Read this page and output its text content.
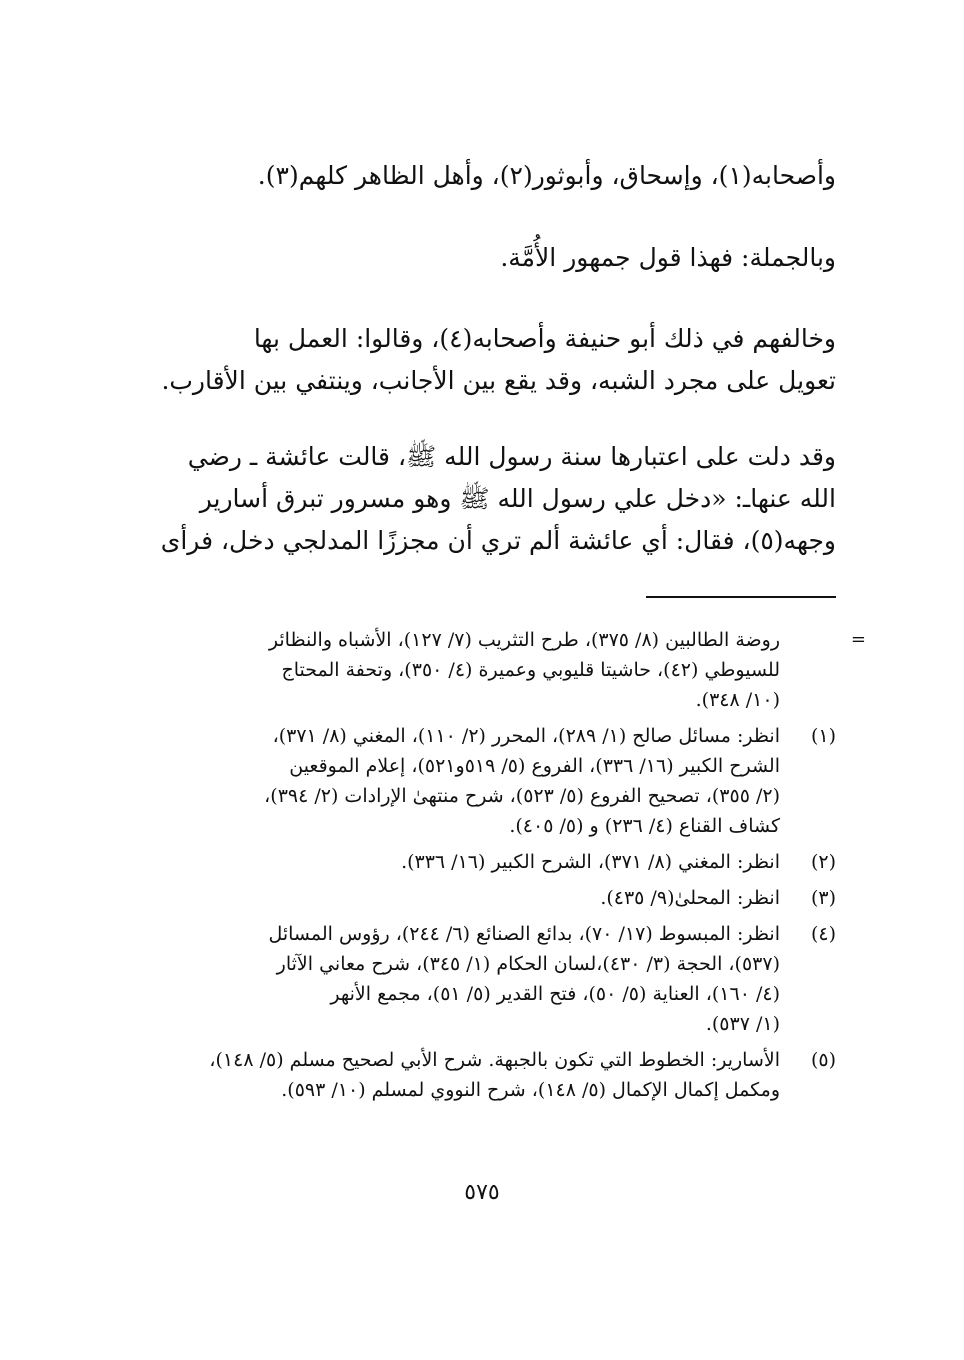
وأصحابه(١)، وإسحاق، وأبوثور(٢)، وأهل الظاهر كلهم(٣).

وبالجملة: فهذا قول جمهور الأُمَّة.

وخالفهم في ذلك أبو حنيفة وأصحابه(٤)، وقالوا: العمل بها
تعويل على مجرد الشبه، وقد يقع بين الأجانب، وينتفي بين الأقارب.

وقد دلت على اعتبارها سنة رسول الله ﷺ، قالت عائشة ـ رضي
الله عنهاـ: «دخل علي رسول الله ﷺ وهو مسرور تبرق أسارير
وجهه(٥)، فقال: أي عائشة ألم تري أن مجززًا المدلجي دخل، فرأى

=
روضة الطالبين (٨/ ٣٧٥)، طرح التثريب (٧/ ١٢٧)، الأشباه والنظائر
للسيوطي (٤٢)، حاشيتا قليوبي وعميرة (٤/ ٣٥٠)، وتحفة المحتاج
(١٠/ ٣٤٨).
(١)
انظر: مسائل صالح (١/ ٢٨٩)، المحرر (٢/ ١١٠)، المغني (٨/ ٣٧١)،
الشرح الكبير (١٦/ ٣٣٦)، الفروع (٥/ ٥١٩و٥٢١)، إعلام الموقعين
(٢/ ٣٥٥)، تصحيح الفروع (٥/ ٥٢٣)، شرح منتهىٰ الإرادات (٢/ ٣٩٤)،
كشاف القناع (٤/ ٢٣٦) و (٥/ ٤٠٥).
(٢)
انظر: المغني (٨/ ٣٧١)، الشرح الكبير (١٦/ ٣٣٦).
(٣)
انظر: المحلىٰ(٩/ ٤٣٥).
(٤)
انظر: المبسوط (١٧/ ٧٠)، بدائع الصنائع (٦/ ٢٤٤)، رؤوس المسائل
(٥٣٧)، الحجة (٣/ ٤٣٠)،لسان الحكام (١/ ٣٤٥)، شرح معاني الآثار
(٤/ ١٦٠)، العناية (٥/ ٥٠)، فتح القدير (٥/ ٥١)، مجمع الأنهر
(١/ ٥٣٧).
(٥)
الأسارير: الخطوط التي تكون بالجبهة. شرح الأبي لصحيح مسلم (٥/ ١٤٨)،
ومكمل إكمال الإكمال (٥/ ١٤٨)، شرح النووي لمسلم (١٠/ ٥٩٣).
٥٧٥
